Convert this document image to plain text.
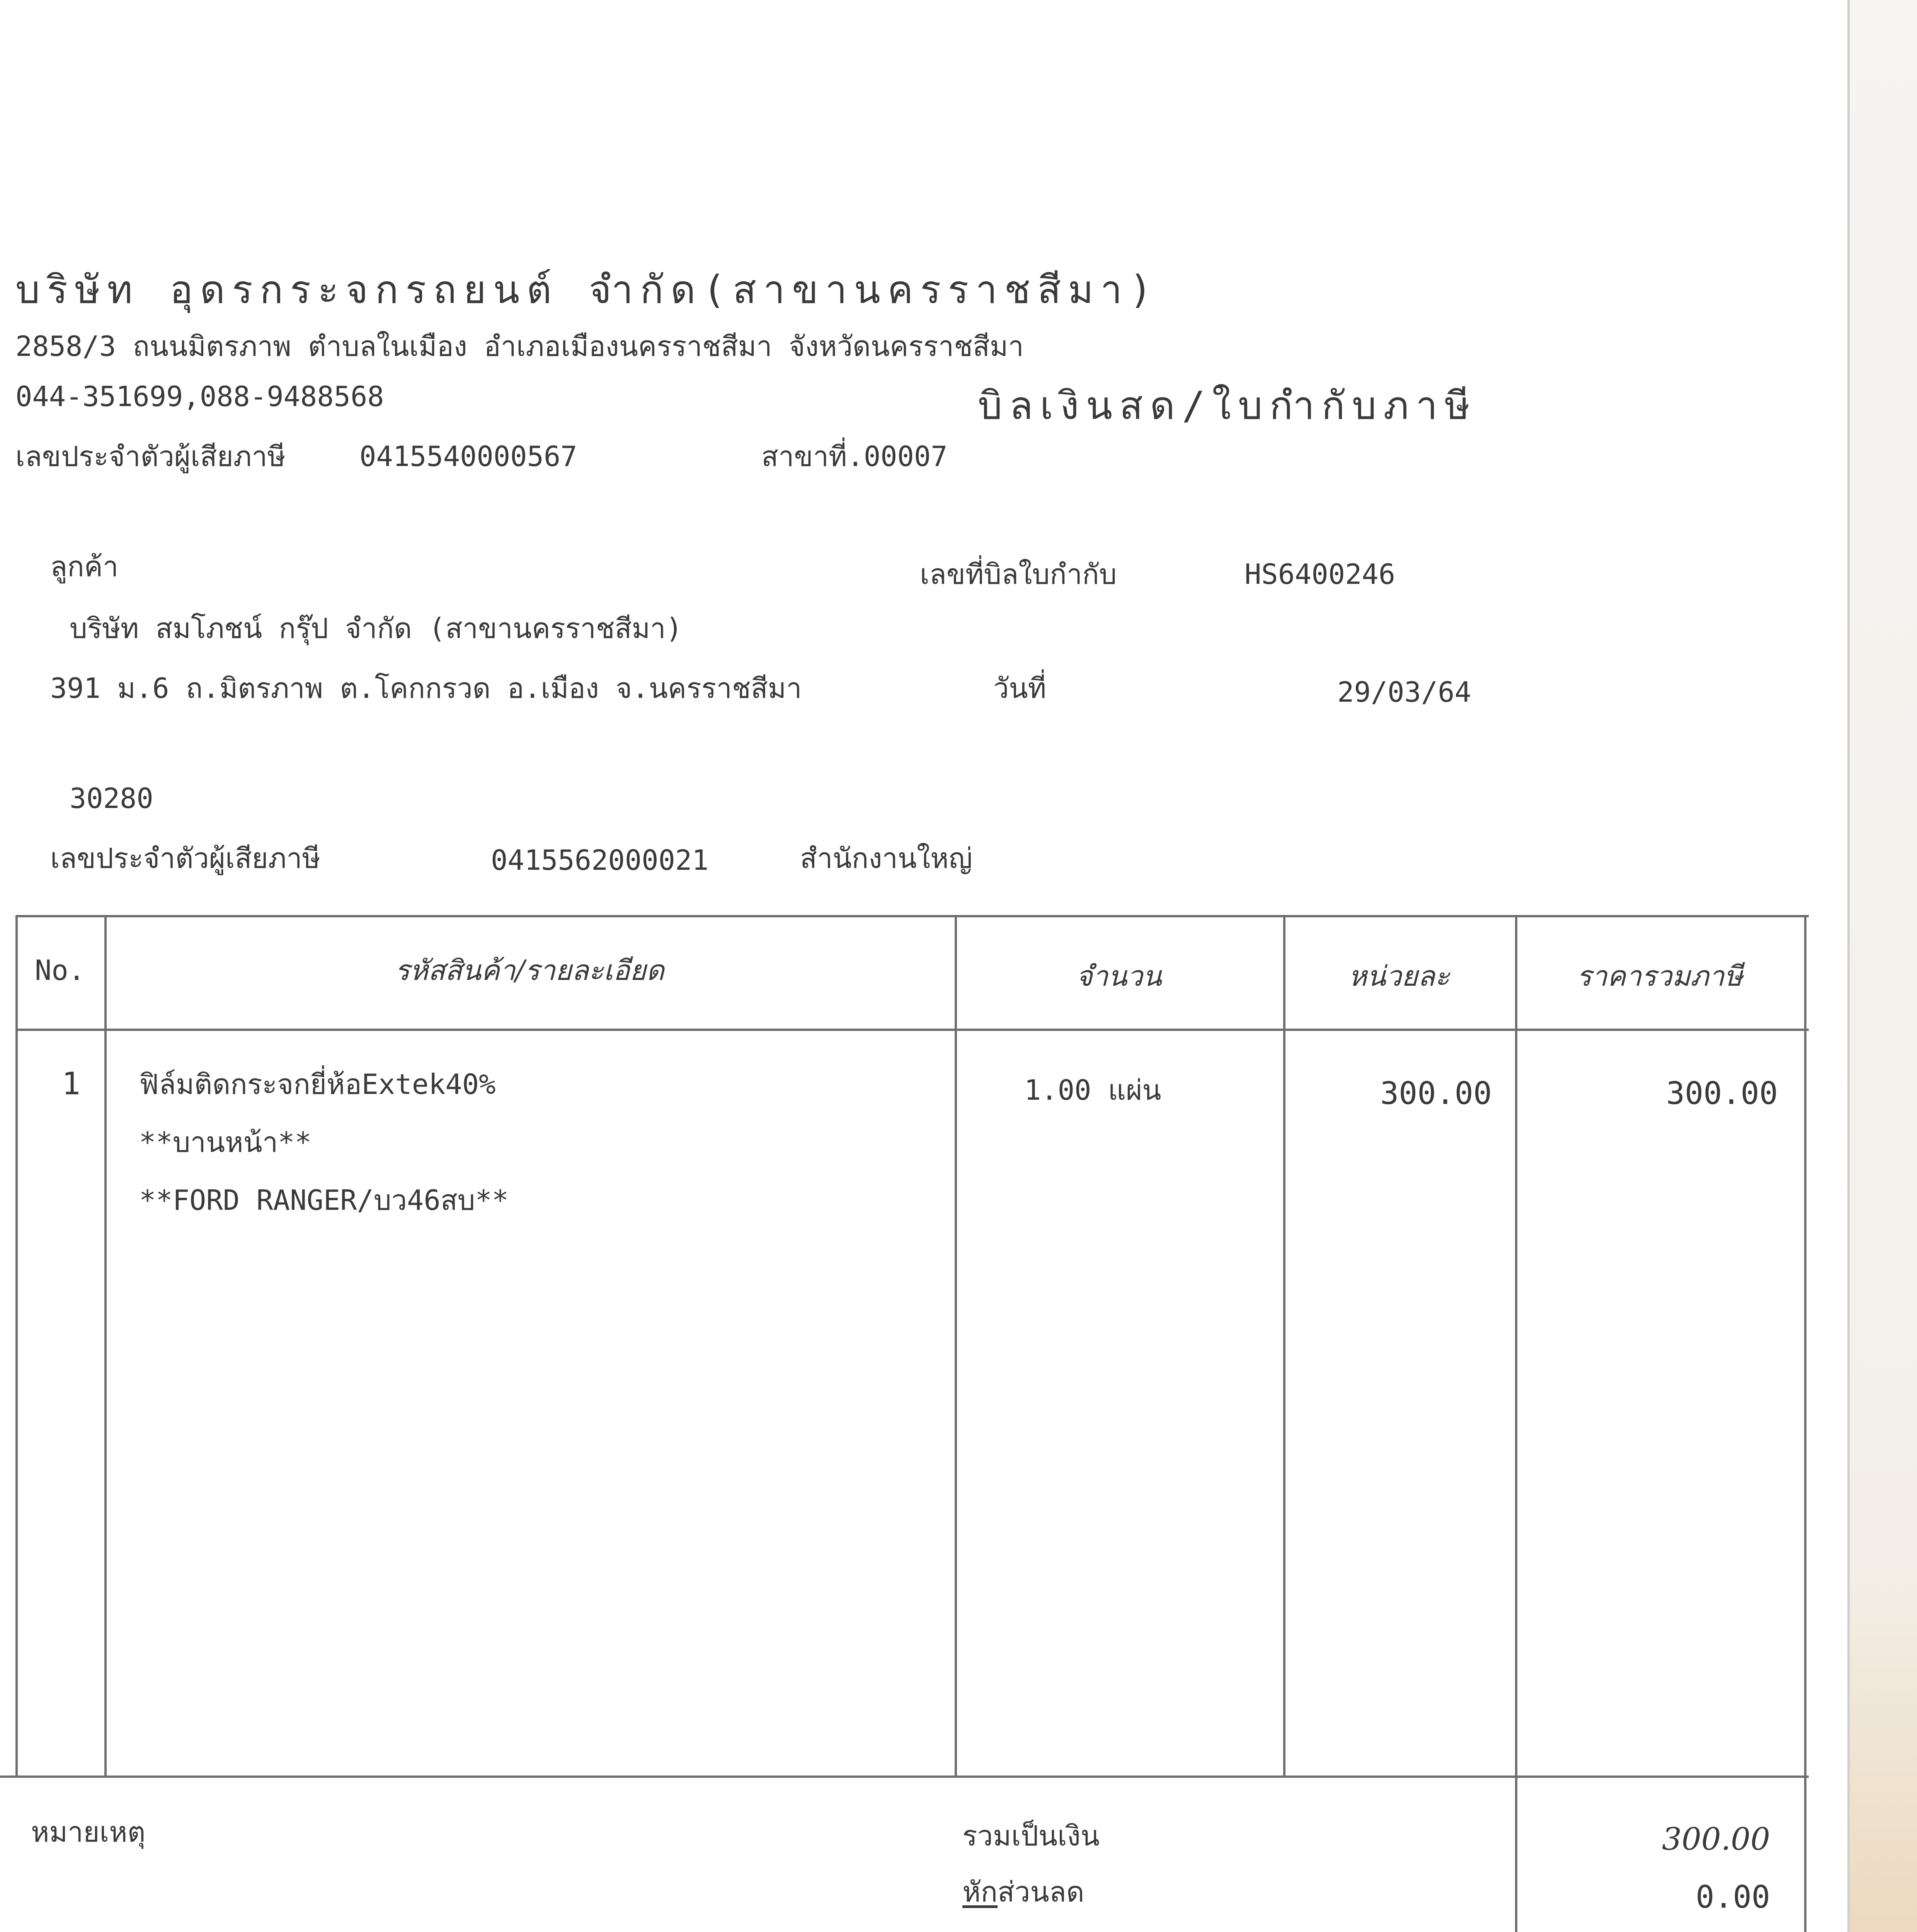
บริษัท อุดรกระจกรถยนต์ จำกัด(สาขานครราชสีมา)
2858/3 ถนนมิตรภาพ ตำบลในเมือง อำเภอเมืองนครราชสีมา จังหวัดนครราชสีมา
044-351699,088-9488568	บิลเงินสด/ใบกำกับภาษี
เลขประจำตัวผู้เสียภาษี	0415540000567	สาขาที่.00007
ลูกค้า	เลขที่บิลใบกำกับ	HS6400246
บริษัท สมโภชน์ กรุ๊ป จำกัด (สาขานครราชสีมา)
391 ม.6 ถ.มิตรภาพ ต.โคกกรวด อ.เมือง จ.นครราชสีมา	วันที่	29/03/64
30280
เลขประจำตัวผู้เสียภาษี	0415562000021	สำนักงานใหญ่
No.	รหัสสินค้า/รายละเอียด	จำนวน	หน่วยละ	ราคารวมภาษี
1 ฟิล์มติดกระจกยี่ห้อExtek40%
**บานหน้า**
**FORD RANGER/บว46สบ**
1.00 แผ่น	300.00	300.00
หมายเหตุ	รวมเป็นเงิน	300.00
หักส่วนลด	0.00
